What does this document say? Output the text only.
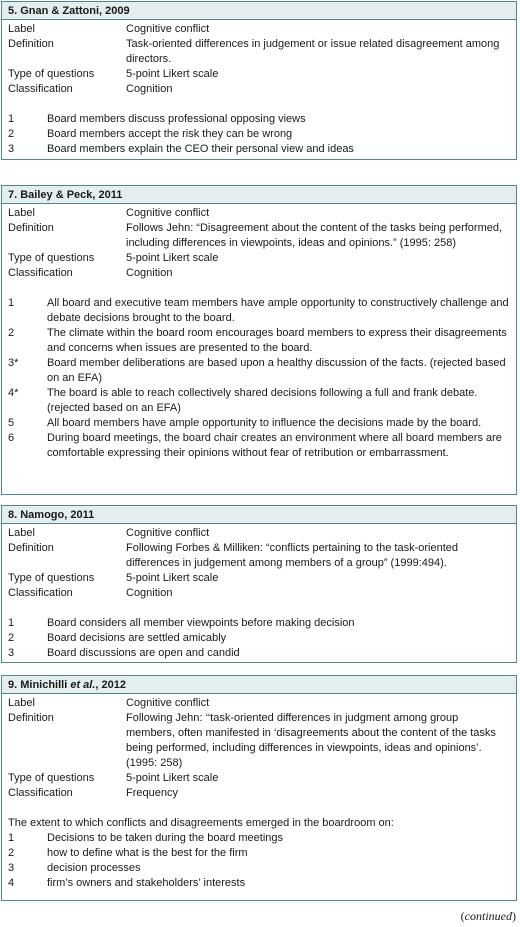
5. Gnan & Zattoni, 2009
Label	Cognitive conflict
Definition	Task-oriented differences in judgement or issue related disagreement among directors.
Type of questions	5-point Likert scale
Classification	Cognition
1	Board members discuss professional opposing views
2	Board members accept the risk they can be wrong
3	Board members explain the CEO their personal view and ideas
7. Bailey & Peck, 2011
Label	Cognitive conflict
Definition	Follows Jehn: “Disagreement about the content of the tasks being performed, including differences in viewpoints, ideas and opinions.” (1995: 258)
Type of questions	5-point Likert scale
Classification	Cognition
1	All board and executive team members have ample opportunity to constructively challenge and debate decisions brought to the board.
2	The climate within the board room encourages board members to express their disagreements and concerns when issues are presented to the board.
3*	Board member deliberations are based upon a healthy discussion of the facts. (rejected based on an EFA)
4*	The board is able to reach collectively shared decisions following a full and frank debate. (rejected based on an EFA)
5	All board members have ample opportunity to influence the decisions made by the board.
6	During board meetings, the board chair creates an environment where all board members are comfortable expressing their opinions without fear of retribution or embarrassment.
8. Namogo, 2011
Label	Cognitive conflict
Definition	Following Forbes & Milliken: “conflicts pertaining to the task-oriented differences in judgement among members of a group” (1999:494).
Type of questions	5-point Likert scale
Classification	Cognition
1	Board considers all member viewpoints before making decision
2	Board decisions are settled amicably
3	Board discussions are open and candid
9. Minichilli et al., 2012
Label	Cognitive conflict
Definition	Following Jehn: ‘‘task-oriented differences in judgment among group members, often manifested in ‘disagreements about the content of the tasks being performed, including differences in viewpoints, ideas and opinions’. (1995: 258)
Type of questions	5-point Likert scale
Classification	Frequency
The extent to which conflicts and disagreements emerged in the boardroom on:
1	Decisions to be taken during the board meetings
2	how to define what is the best for the firm
3	decision processes
4	firm’s owners and stakeholders’ interests
(continued)
